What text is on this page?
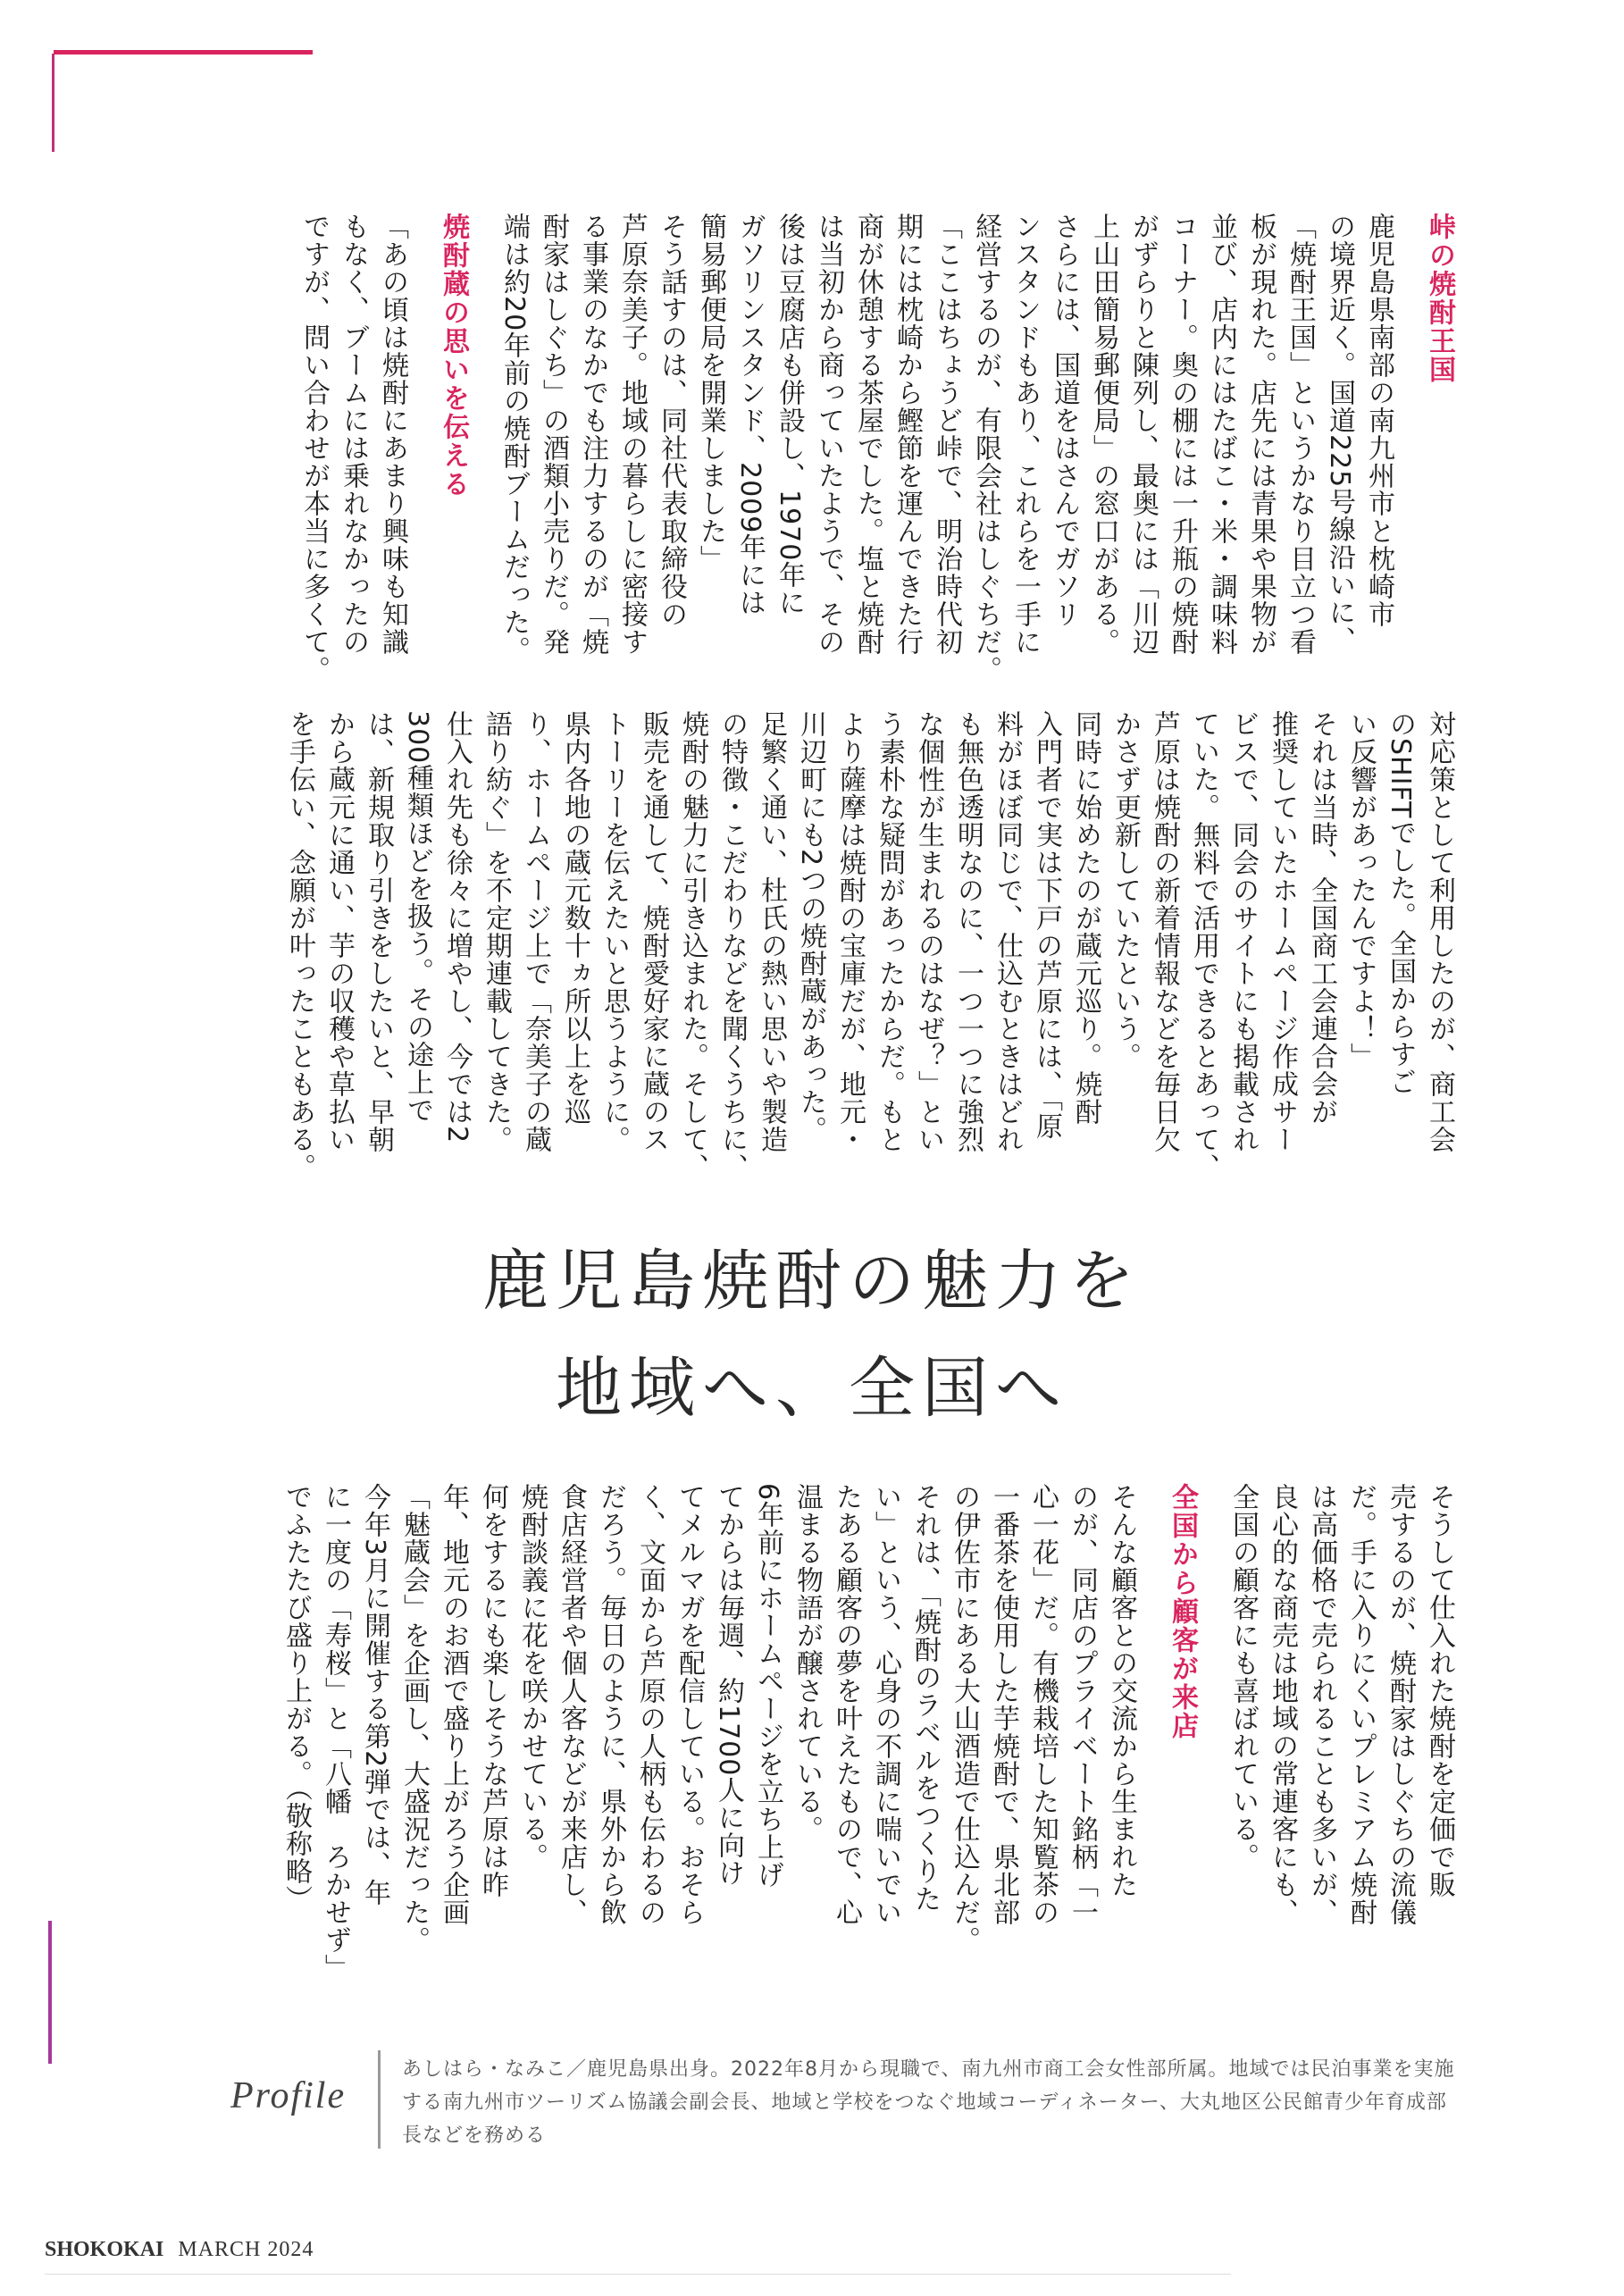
峠の焼酎王国

鹿児島県南部の南九州市と枕崎市

の境界近く。国道225号線沿いに、

「焼酎王国」というかなり目立つ看

板が現れた。店先には青果や果物が

並び、店内にはたばこ・米・調味料

コーナー。奥の棚には一升瓶の焼酎

がずらりと陳列し、最奥には「川辺

上山田簡易郵便局」の窓口がある。

さらには、国道をはさんでガソリ

ンスタンドもあり、これらを一手に

経営するのが、有限会社はしぐちだ。

「ここはちょうど峠で、明治時代初

期には枕崎から鰹節を運んできた行

商が休憩する茶屋でした。塩と焼酎

は当初から商っていたようで、その

後は豆腐店も併設し、1970年に

ガソリンスタンド、2009年には

簡易郵便局を開業しました」

そう話すのは、同社代表取締役の

芦原奈美子。地域の暮らしに密接す

る事業のなかでも注力するのが「焼

酎家はしぐち」の酒類小売りだ。発

端は約20年前の焼酎ブームだった。

焼酎蔵の思いを伝える

「あの頃は焼酎にあまり興味も知識

もなく、ブームには乗れなかったの

ですが、問い合わせが本当に多くて。

対応策として利用したのが、商工会

のSHIFTでした。全国からすご

い反響があったんですよ！」

それは当時、全国商工会連合会が

推奨していたホームページ作成サー

ビスで、同会のサイトにも掲載され

ていた。無料で活用できるとあって、

芦原は焼酎の新着情報などを毎日欠

かさず更新していたという。

同時に始めたのが蔵元巡り。焼酎

入門者で実は下戸の芦原には、「原

料がほぼ同じで、仕込むときはどれ

も無色透明なのに、一つ一つに強烈

な個性が生まれるのはなぜ？」とい

う素朴な疑問があったからだ。もと

より薩摩は焼酎の宝庫だが、地元・

川辺町にも2つの焼酎蔵があった。

足繁く通い、杜氏の熱い思いや製造

の特徴・こだわりなどを聞くうちに、

焼酎の魅力に引き込まれた。そして、

販売を通して、焼酎愛好家に蔵のス

トーリーを伝えたいと思うように。

県内各地の蔵元数十ヵ所以上を巡

り、ホームページ上で「奈美子の蔵

語り紡ぐ」を不定期連載してきた。

仕入れ先も徐々に増やし、今では2

300種類ほどを扱う。その途上で

は、新規取り引きをしたいと、早朝

から蔵元に通い、芋の収穫や草払い

を手伝い、念願が叶ったこともある。

鹿児島焼酎の魅力を
地域へ、全国へ

そうして仕入れた焼酎を定価で販

売するのが、焼酎家はしぐちの流儀

だ。手に入りにくいプレミアム焼酎

は高価格で売られることも多いが、

良心的な商売は地域の常連客にも、

全国の顧客にも喜ばれている。

全国から顧客が来店

そんな顧客との交流から生まれた

のが、同店のプライベート銘柄「一

心一花」だ。有機栽培した知覧茶の

一番茶を使用した芋焼酎で、県北部

の伊佐市にある大山酒造で仕込んだ。

それは、「焼酎のラベルをつくりた

い」という、心身の不調に喘いでい

たある顧客の夢を叶えたもので、心

温まる物語が醸されている。

6年前にホームページを立ち上げ

てからは毎週、約1700人に向け

てメルマガを配信している。おそら

く、文面から芦原の人柄も伝わるの

だろう。毎日のように、県外から飲

食店経営者や個人客などが来店し、

焼酎談義に花を咲かせている。

何をするにも楽しそうな芦原は昨

年、地元のお酒で盛り上がろう企画

「魅蔵会」を企画し、大盛況だった。

今年3月に開催する第2弾では、年

に一度の「寿桜」と「八幡　ろかせず」

でふたたび盛り上がる。（敬称略）

Profile
あしはら・なみこ／鹿児島県出身。2022年8月から現職で、南九州市商工会女性部所属。地域では民泊事業を実施する南九州市ツーリズム協議会副会長、地域と学校をつなぐ地域コーディネーター、大丸地区公民館青少年育成部長などを務める
SHOKOKAI MARCH 2024
